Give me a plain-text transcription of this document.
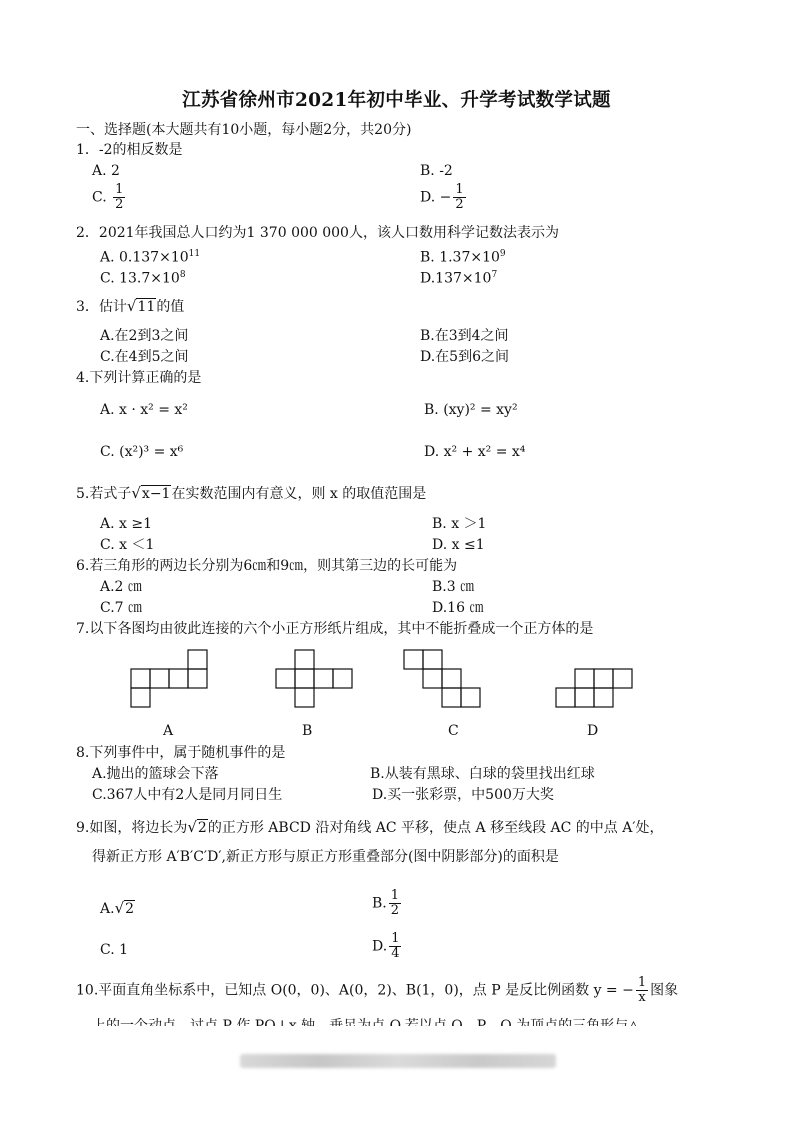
江苏省徐州市2021年初中毕业、升学考试数学试题
一、选择题(本大题共有10小题，每小题2分，共20分)
1．-2的相反数是
A. 2	B. -2
C. $\frac{1}{2}$	D. − $\frac{1}{2}$
2．2021年我国总人口约为1 370 000 000人，该人口数用科学记数法表示为
A. $0.137\times 10^{11}$	B. $1.37\times 10^9$
C. $13.7\times 10^8$	$D.137\times 10^7$
3．估计√11的值
A.在2到3之间	B.在3到4之间
C.在4到5之间	D.在5到6之间
4.下列计算正确的是
A. x · x² = x²	B. (xy)² = xy²
C. (x²)³ = x⁶	D. x² + x² = x⁴
5.若式子√x−1在实数范围内有意义，则 x 的取值范围是
A. x ≥1	B. x ＞1
C. x ＜1	D. x ≤1
6.若三角形的两边长分别为6㎝和9㎝，则其第三边的长可能为
A.2 ㎝	B.3 ㎝
C.7 ㎝	D.16 ㎝
7.以下各图均由彼此连接的六个小正方形纸片组成，其中不能折叠成一个正方体的是
A	B	C	D
8.下列事件中，属于随机事件的是
A.抛出的篮球会下落	B.从装有黑球、白球的袋里找出红球
C.367人中有2人是同月同日生	D.买一张彩票，中500万大奖
9.如图，将边长为√2的正方形 ABCD 沿对角线 AC 平移，使点 A 移至线段 AC 的中点 A′处，
得新正方形 A′B′C′D′,新正方形与原正方形重叠部分(图中阴影部分)的面积是
A.√2	B. $\frac{1}{2}$
C. 1	D. $\frac{1}{4}$
10.平面直角坐标系中，已知点 O(0，0)、A(0，2)、B(1，0)，点 P 是反比例函数 y = − $\frac{1}{x}$ 图象
